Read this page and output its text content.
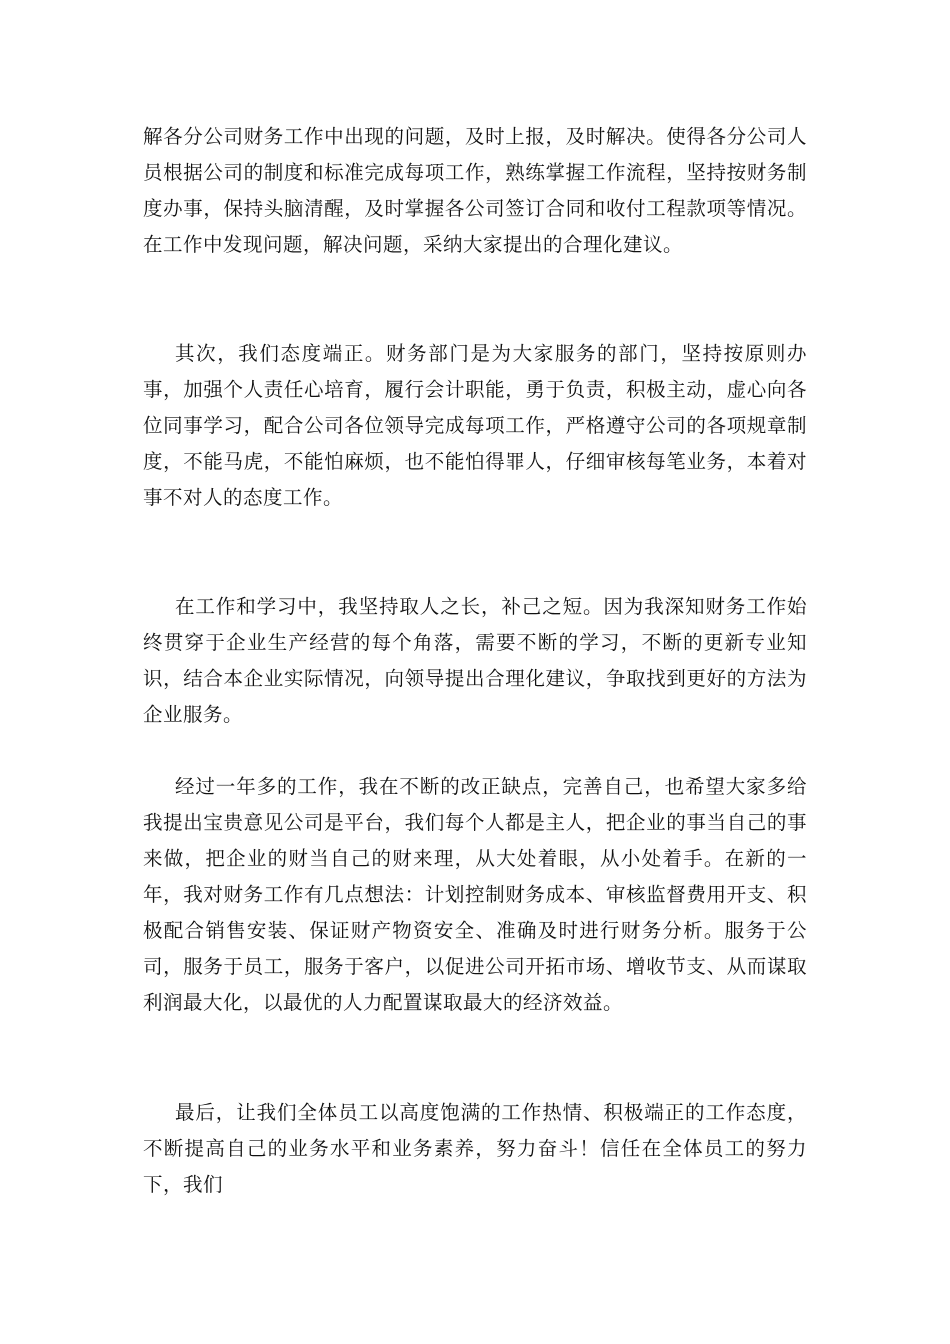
解各分公司财务工作中出现的问题，及时上报，及时解决。使得各分公司人员根据公司的制度和标准完成每项工作，熟练掌握工作流程，坚持按财务制度办事，保持头脑清醒，及时掌握各公司签订合同和收付工程款项等情况。在工作中发现问题，解决问题，采纳大家提出的合理化建议。

其次，我们态度端正。财务部门是为大家服务的部门，坚持按原则办事，加强个人责任心培育，履行会计职能，勇于负责，积极主动，虚心向各位同事学习，配合公司各位领导完成每项工作，严格遵守公司的各项规章制度，不能马虎，不能怕麻烦，也不能怕得罪人，仔细审核每笔业务，本着对事不对人的态度工作。

在工作和学习中，我坚持取人之长，补己之短。因为我深知财务工作始终贯穿于企业生产经营的每个角落，需要不断的学习，不断的更新专业知识，结合本企业实际情况，向领导提出合理化建议，争取找到更好的方法为企业服务。

经过一年多的工作，我在不断的改正缺点，完善自己，也希望大家多给我提出宝贵意见公司是平台，我们每个人都是主人，把企业的事当自己的事来做，把企业的财当自己的财来理，从大处着眼，从小处着手。在新的一年，我对财务工作有几点想法：计划控制财务成本、审核监督费用开支、积极配合销售安装、保证财产物资安全、准确及时进行财务分析。服务于公司，服务于员工，服务于客户，以促进公司开拓市场、增收节支、从而谋取利润最大化，以最优的人力配置谋取最大的经济效益。

最后，让我们全体员工以高度饱满的工作热情、积极端正的工作态度，不断提高自己的业务水平和业务素养，努力奋斗！信任在全体员工的努力下，我们
